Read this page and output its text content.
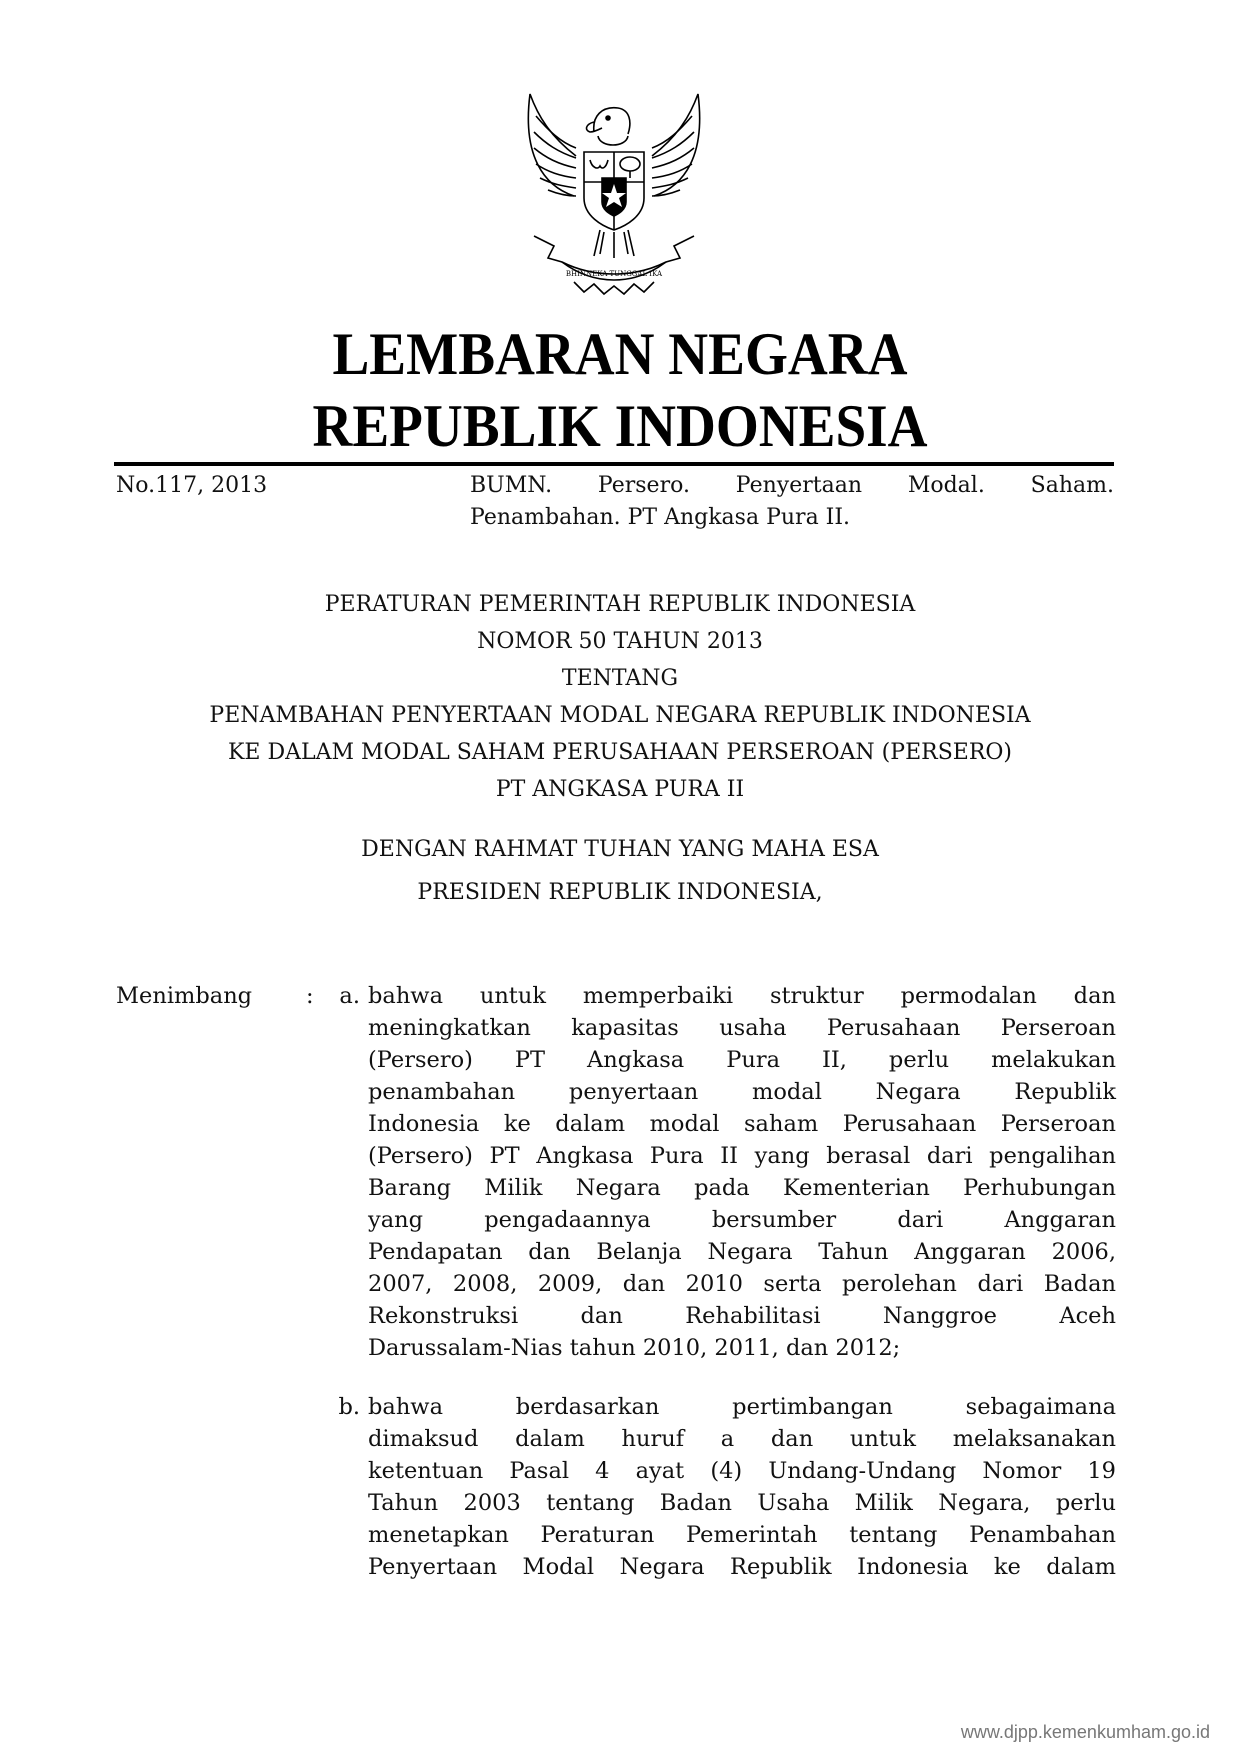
BHINNEKA TUNGGAL IKA
LEMBARAN NEGARA
REPUBLIK INDONESIA
No.117, 2013	BUMN. Persero. Penyertaan Modal. Saham.
Penambahan. PT Angkasa Pura II.
PERATURAN PEMERINTAH REPUBLIK INDONESIA
NOMOR 50 TAHUN 2013
TENTANG
PENAMBAHAN PENYERTAAN MODAL NEGARA REPUBLIK INDONESIA
KE DALAM MODAL SAHAM PERUSAHAAN PERSEROAN (PERSERO)
PT ANGKASA PURA II
DENGAN RAHMAT TUHAN YANG MAHA ESA
PRESIDEN REPUBLIK INDONESIA,
Menimbang	:	a. bahwa untuk memperbaiki struktur permodalan dan
meningkatkan kapasitas usaha Perusahaan Perseroan
(Persero) PT Angkasa Pura II, perlu melakukan
penambahan penyertaan modal Negara Republik
Indonesia ke dalam modal saham Perusahaan Perseroan
(Persero) PT Angkasa Pura II yang berasal dari pengalihan
Barang Milik Negara pada Kementerian Perhubungan
yang pengadaannya bersumber dari Anggaran
Pendapatan dan Belanja Negara Tahun Anggaran 2006,
2007, 2008, 2009, dan 2010 serta perolehan dari Badan
Rekonstruksi dan Rehabilitasi Nanggroe Aceh
Darussalam-Nias tahun 2010, 2011, dan 2012;
b. bahwa berdasarkan pertimbangan sebagaimana
dimaksud dalam huruf a dan untuk melaksanakan
ketentuan Pasal 4 ayat (4) Undang-Undang Nomor 19
Tahun 2003 tentang Badan Usaha Milik Negara, perlu
menetapkan Peraturan Pemerintah tentang Penambahan
Penyertaan Modal Negara Republik Indonesia ke dalam
www.djpp.kemenkumham.go.id
